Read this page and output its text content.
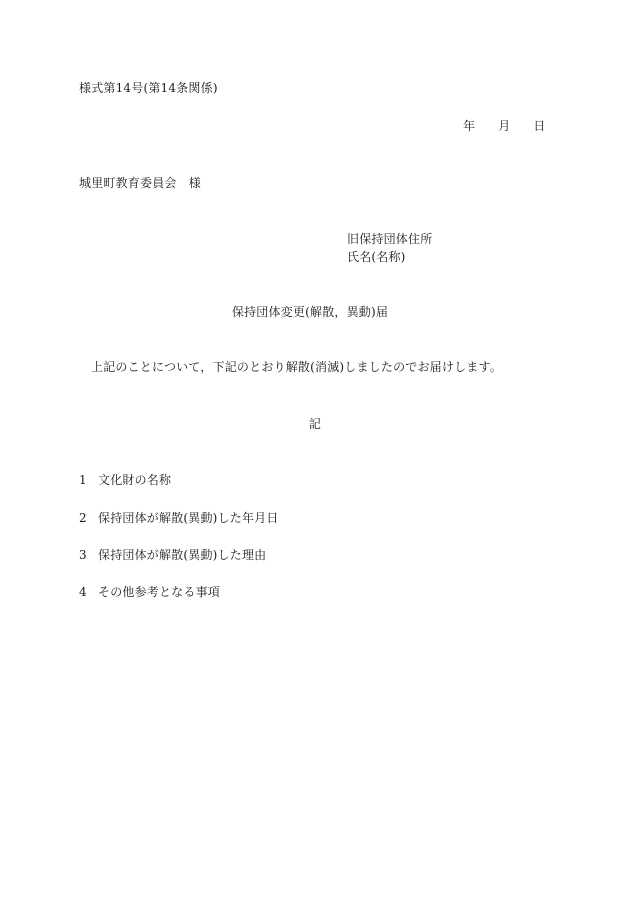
様式第14号(第14条関係)
年 月 日
城里町教育委員会　様
旧保持団体住所
氏名(名称)
保持団体変更(解散，異動)届
上記のことについて，下記のとおり解散(消滅)しましたのでお届けします。
記
1 文化財の名称
2 保持団体が解散(異動)した年月日
3 保持団体が解散(異動)した理由
4 その他参考となる事項
